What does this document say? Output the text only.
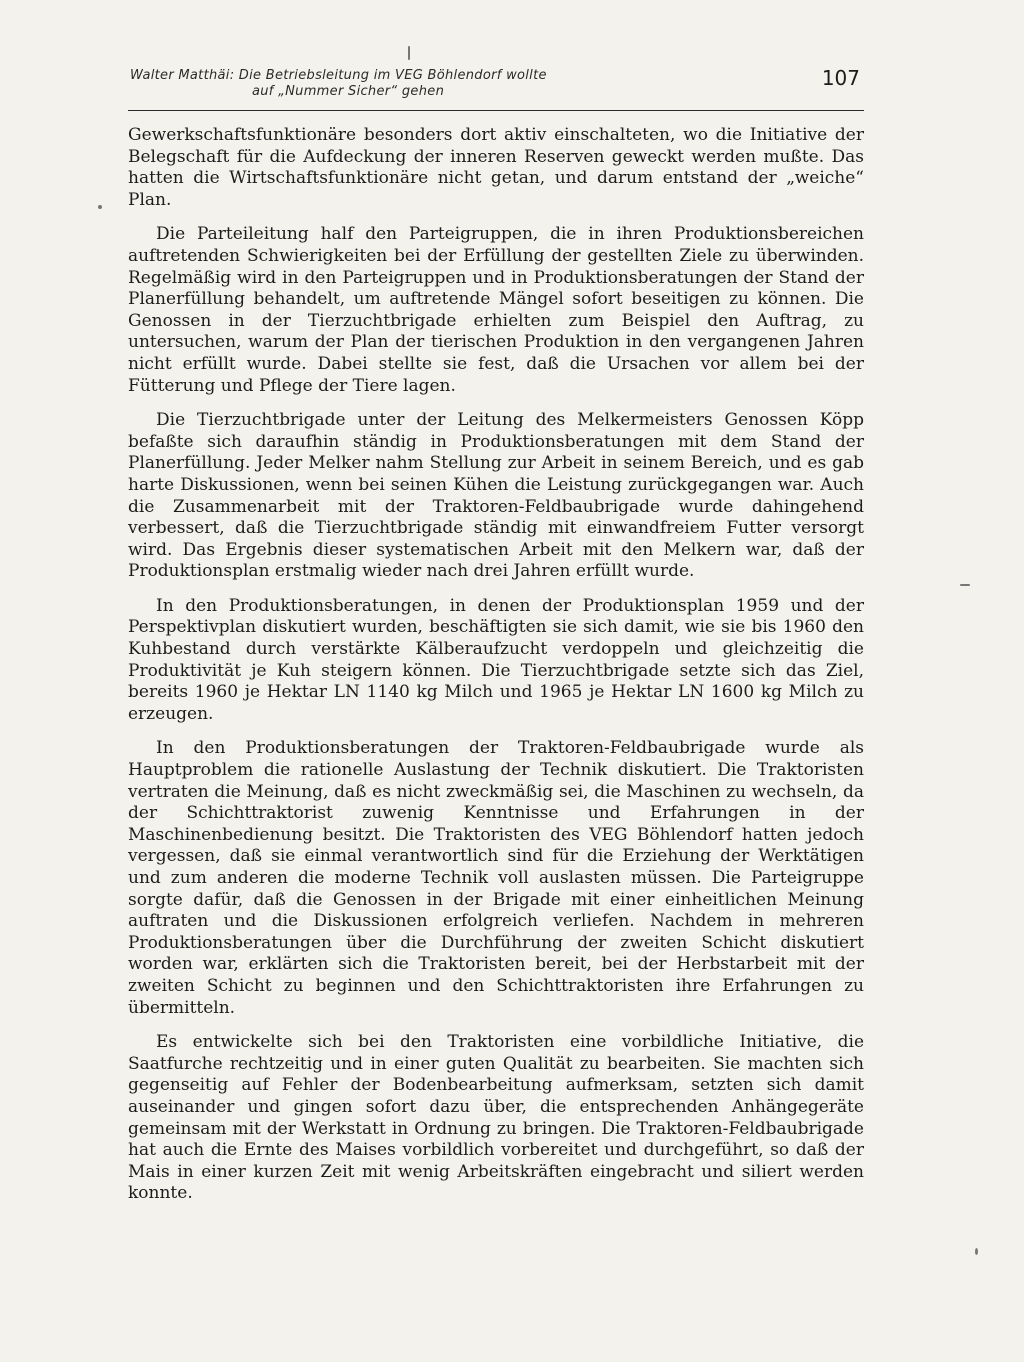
Walter Matthäi: Die Betriebsleitung im VEG Böhlendorf wollte
auf „Nummer Sicher“ gehen
107

Gewerkschaftsfunktionäre besonders dort aktiv einschalteten, wo die Initiative der Belegschaft für die Aufdeckung der inneren Reserven geweckt werden mußte. Das hatten die Wirtschaftsfunktionäre nicht getan, und darum entstand der „weiche“ Plan.

Die Parteileitung half den Parteigruppen, die in ihren Produktionsbereichen auftretenden Schwierigkeiten bei der Erfüllung der gestellten Ziele zu überwinden. Regelmäßig wird in den Parteigruppen und in Produktionsberatungen der Stand der Planerfüllung behandelt, um auftretende Mängel sofort beseitigen zu können. Die Genossen in der Tierzuchtbrigade erhielten zum Beispiel den Auftrag, zu untersuchen, warum der Plan der tierischen Produktion in den vergangenen Jahren nicht erfüllt wurde. Dabei stellte sie fest, daß die Ursachen vor allem bei der Fütterung und Pflege der Tiere lagen.

Die Tierzuchtbrigade unter der Leitung des Melkermeisters Genossen Köpp befaßte sich daraufhin ständig in Produktionsberatungen mit dem Stand der Planerfüllung. Jeder Melker nahm Stellung zur Arbeit in seinem Bereich, und es gab harte Diskussionen, wenn bei seinen Kühen die Leistung zurückgegangen war. Auch die Zusammenarbeit mit der Traktoren-Feldbaubrigade wurde dahingehend verbessert, daß die Tierzuchtbrigade ständig mit einwandfreiem Futter versorgt wird. Das Ergebnis dieser systematischen Arbeit mit den Melkern war, daß der Produktionsplan erstmalig wieder nach drei Jahren erfüllt wurde.

In den Produktionsberatungen, in denen der Produktionsplan 1959 und der Perspektivplan diskutiert wurden, beschäftigten sie sich damit, wie sie bis 1960 den Kuhbestand durch verstärkte Kälberaufzucht verdoppeln und gleichzeitig die Produktivität je Kuh steigern können. Die Tierzuchtbrigade setzte sich das Ziel, bereits 1960 je Hektar LN 1140 kg Milch und 1965 je Hektar LN 1600 kg Milch zu erzeugen.

In den Produktionsberatungen der Traktoren-Feldbaubrigade wurde als Hauptproblem die rationelle Auslastung der Technik diskutiert. Die Traktoristen vertraten die Meinung, daß es nicht zweckmäßig sei, die Maschinen zu wechseln, da der Schichttraktorist zuwenig Kenntnisse und Erfahrungen in der Maschinenbedienung besitzt. Die Traktoristen des VEG Böhlendorf hatten jedoch vergessen, daß sie einmal verantwortlich sind für die Erziehung der Werktätigen und zum anderen die moderne Technik voll auslasten müssen. Die Parteigruppe sorgte dafür, daß die Genossen in der Brigade mit einer einheitlichen Meinung auftraten und die Diskussionen erfolgreich verliefen. Nachdem in mehreren Produktionsberatungen über die Durchführung der zweiten Schicht diskutiert worden war, erklärten sich die Traktoristen bereit, bei der Herbstarbeit mit der zweiten Schicht zu beginnen und den Schichttraktoristen ihre Erfahrungen zu übermitteln.

Es entwickelte sich bei den Traktoristen eine vorbildliche Initiative, die Saatfurche rechtzeitig und in einer guten Qualität zu bearbeiten. Sie machten sich gegenseitig auf Fehler der Bodenbearbeitung aufmerksam, setzten sich damit auseinander und gingen sofort dazu über, die entsprechenden Anhängegeräte gemeinsam mit der Werkstatt in Ordnung zu bringen. Die Traktoren-Feldbaubrigade hat auch die Ernte des Maises vorbildlich vorbereitet und durchgeführt, so daß der Mais in einer kurzen Zeit mit wenig Arbeitskräften eingebracht und siliert werden konnte.
